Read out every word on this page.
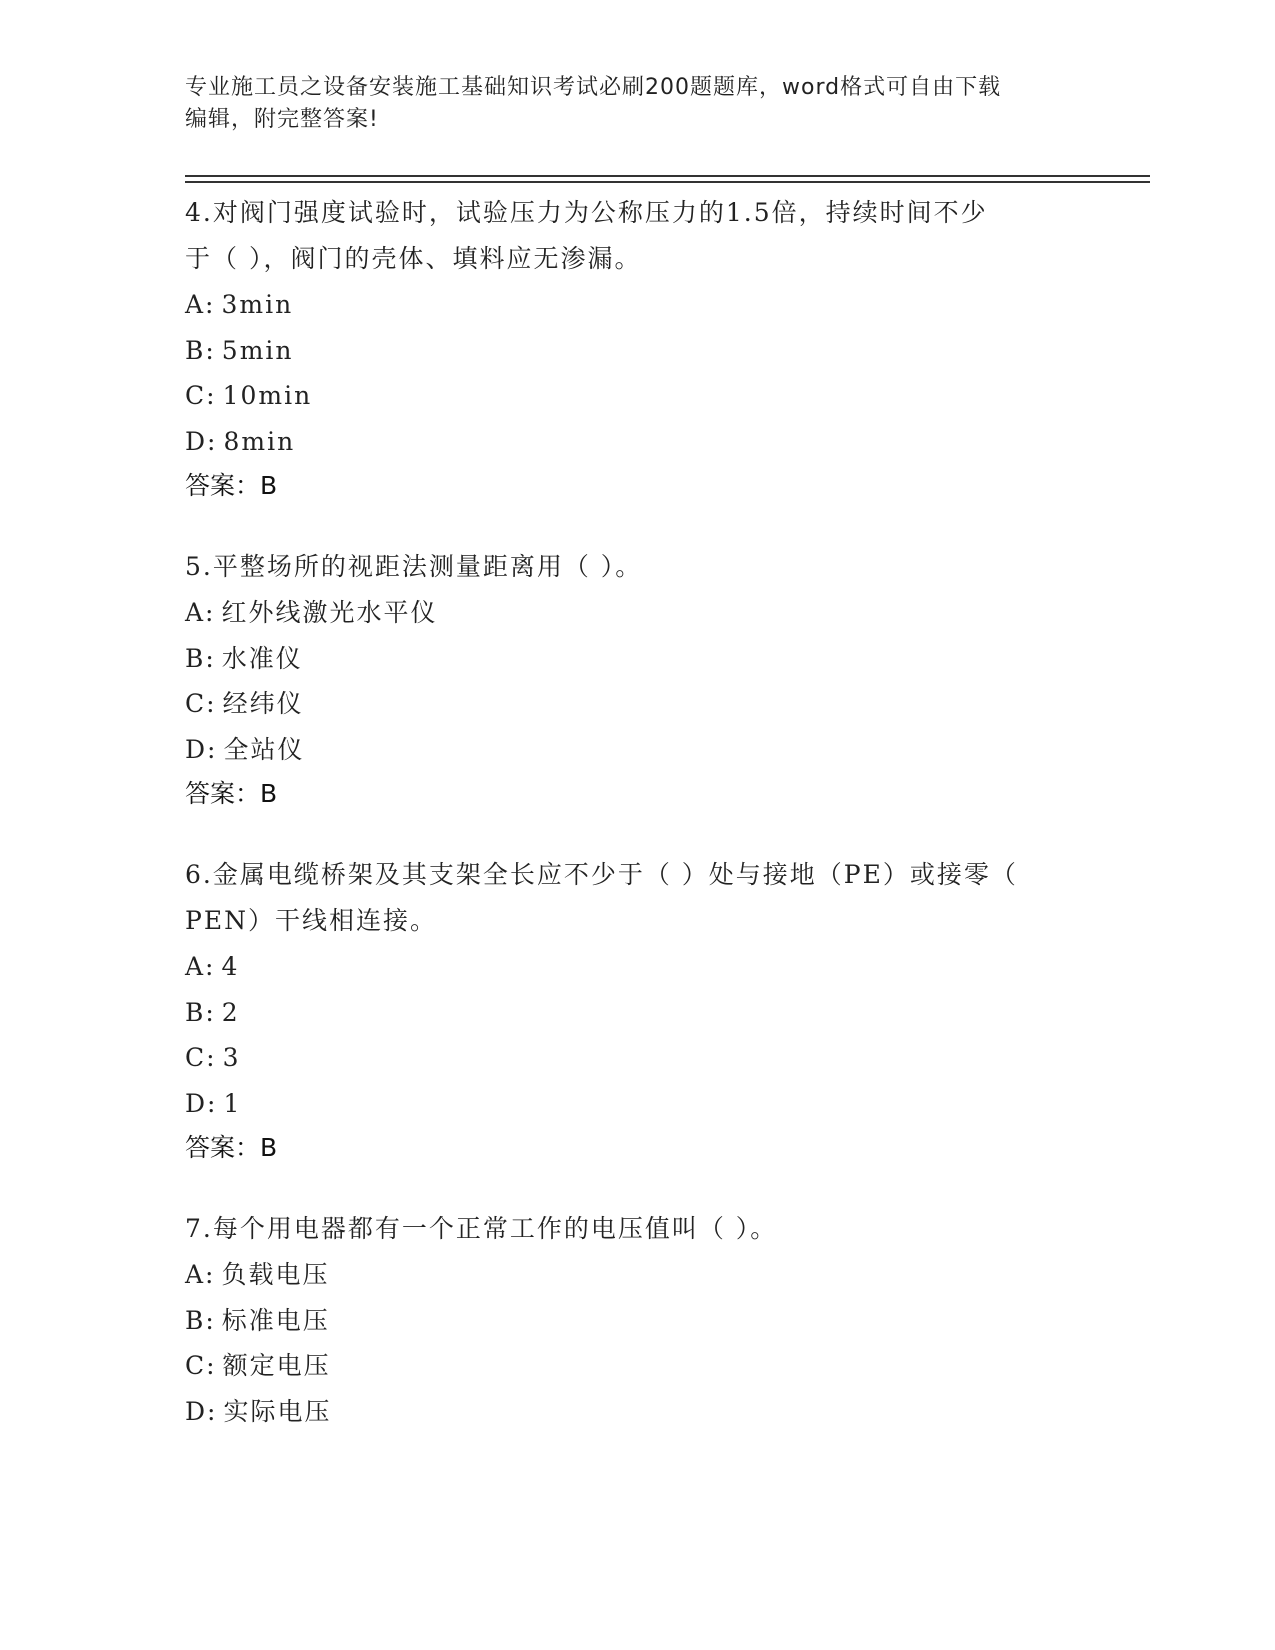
专业施工员之设备安装施工基础知识考试必刷200题题库，word格式可自由下载
编辑，附完整答案!
4.对阀门强度试验时，试验压力为公称压力的1.5倍，持续时间不少
于（ ），阀门的壳体、填料应无渗漏。
A: 3min
B: 5min
C: 10min
D: 8min
答案：B
5.平整场所的视距法测量距离用（ ）。
A: 红外线激光水平仪
B: 水准仪
C: 经纬仪
D: 全站仪
答案：B
6.金属电缆桥架及其支架全长应不少于（ ）处与接地（PE）或接零（
PEN）干线相连接。
A: 4
B: 2
C: 3
D: 1
答案：B
7.每个用电器都有一个正常工作的电压值叫（ ）。
A: 负载电压
B: 标准电压
C: 额定电压
D: 实际电压
